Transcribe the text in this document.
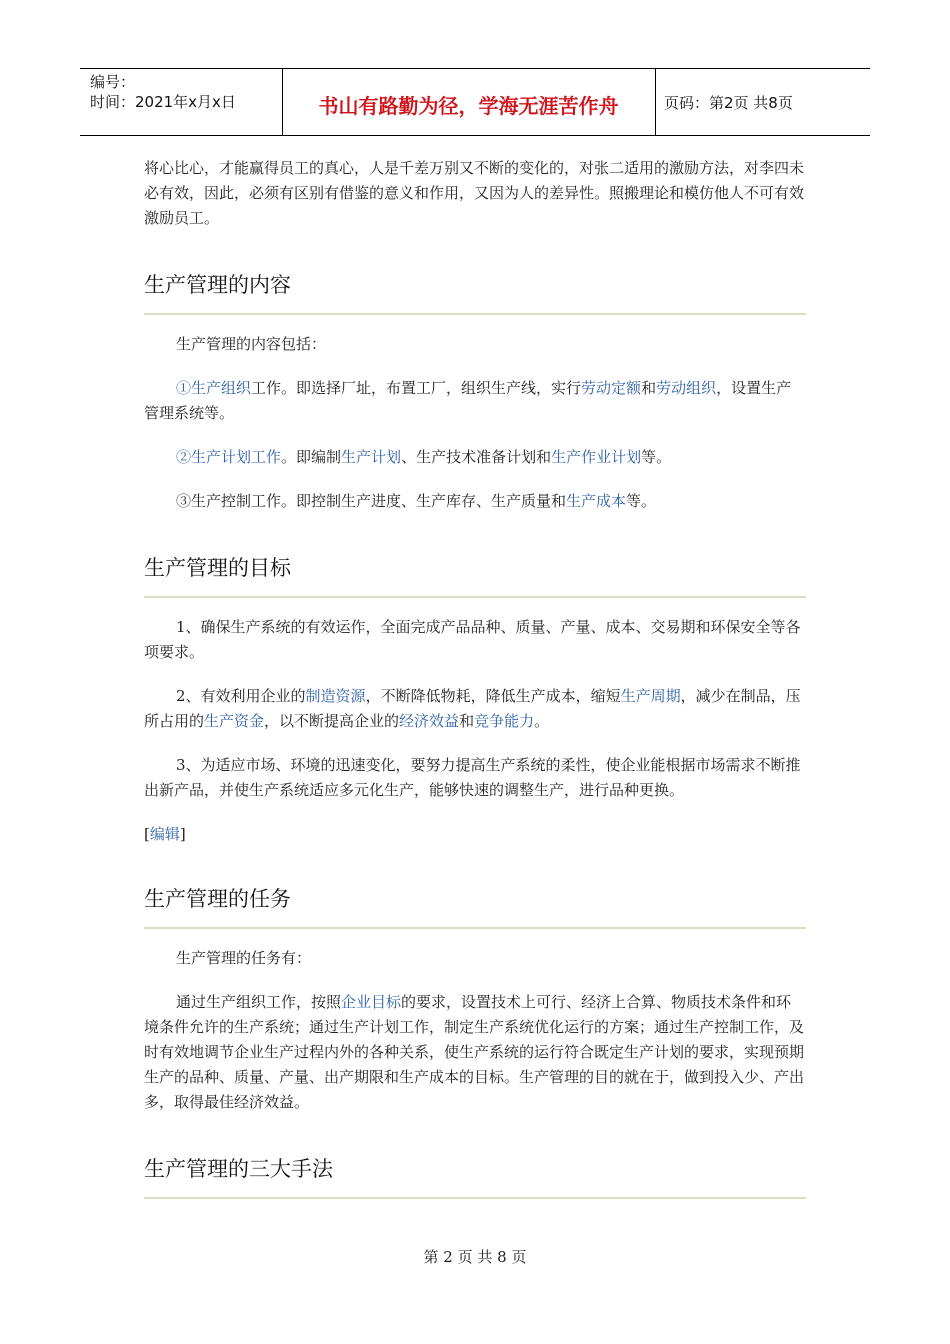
编号：
时间：2021年x月x日	书山有路勤为径，学海无涯苦作舟	页码：第2页 共8页

将心比心，才能赢得员工的真心，人是千差万别又不断的变化的，对张二适用的激励方法，对李四未必有效，因此，必须有区别有借鉴的意义和作用，又因为人的差异性。照搬理论和模仿他人不可有效激励员工。

生产管理的内容

生产管理的内容包括：

①生产组织工作。即选择厂址，布置工厂，组织生产线，实行劳动定额和劳动组织，设置生产管理系统等。

②生产计划工作。即编制生产计划、生产技术准备计划和生产作业计划等。

③生产控制工作。即控制生产进度、生产库存、生产质量和生产成本等。

生产管理的目标

1、确保生产系统的有效运作，全面完成产品品种、质量、产量、成本、交易期和环保安全等各项要求。

2、有效利用企业的制造资源，不断降低物耗，降低生产成本，缩短生产周期，减少在制品，压所占用的生产资金，以不断提高企业的经济效益和竞争能力。

3、为适应市场、环境的迅速变化，要努力提高生产系统的柔性，使企业能根据市场需求不断推出新产品，并使生产系统适应多元化生产，能够快速的调整生产，进行品种更换。

[编辑]

生产管理的任务

生产管理的任务有：

通过生产组织工作，按照企业目标的要求，设置技术上可行、经济上合算、物质技术条件和环境条件允许的生产系统；通过生产计划工作，制定生产系统优化运行的方案；通过生产控制工作，及时有效地调节企业生产过程内外的各种关系，使生产系统的运行符合既定生产计划的要求，实现预期生产的品种、质量、产量、出产期限和生产成本的目标。生产管理的目的就在于，做到投入少、产出多，取得最佳经济效益。

生产管理的三大手法
第 2 页 共 8 页
